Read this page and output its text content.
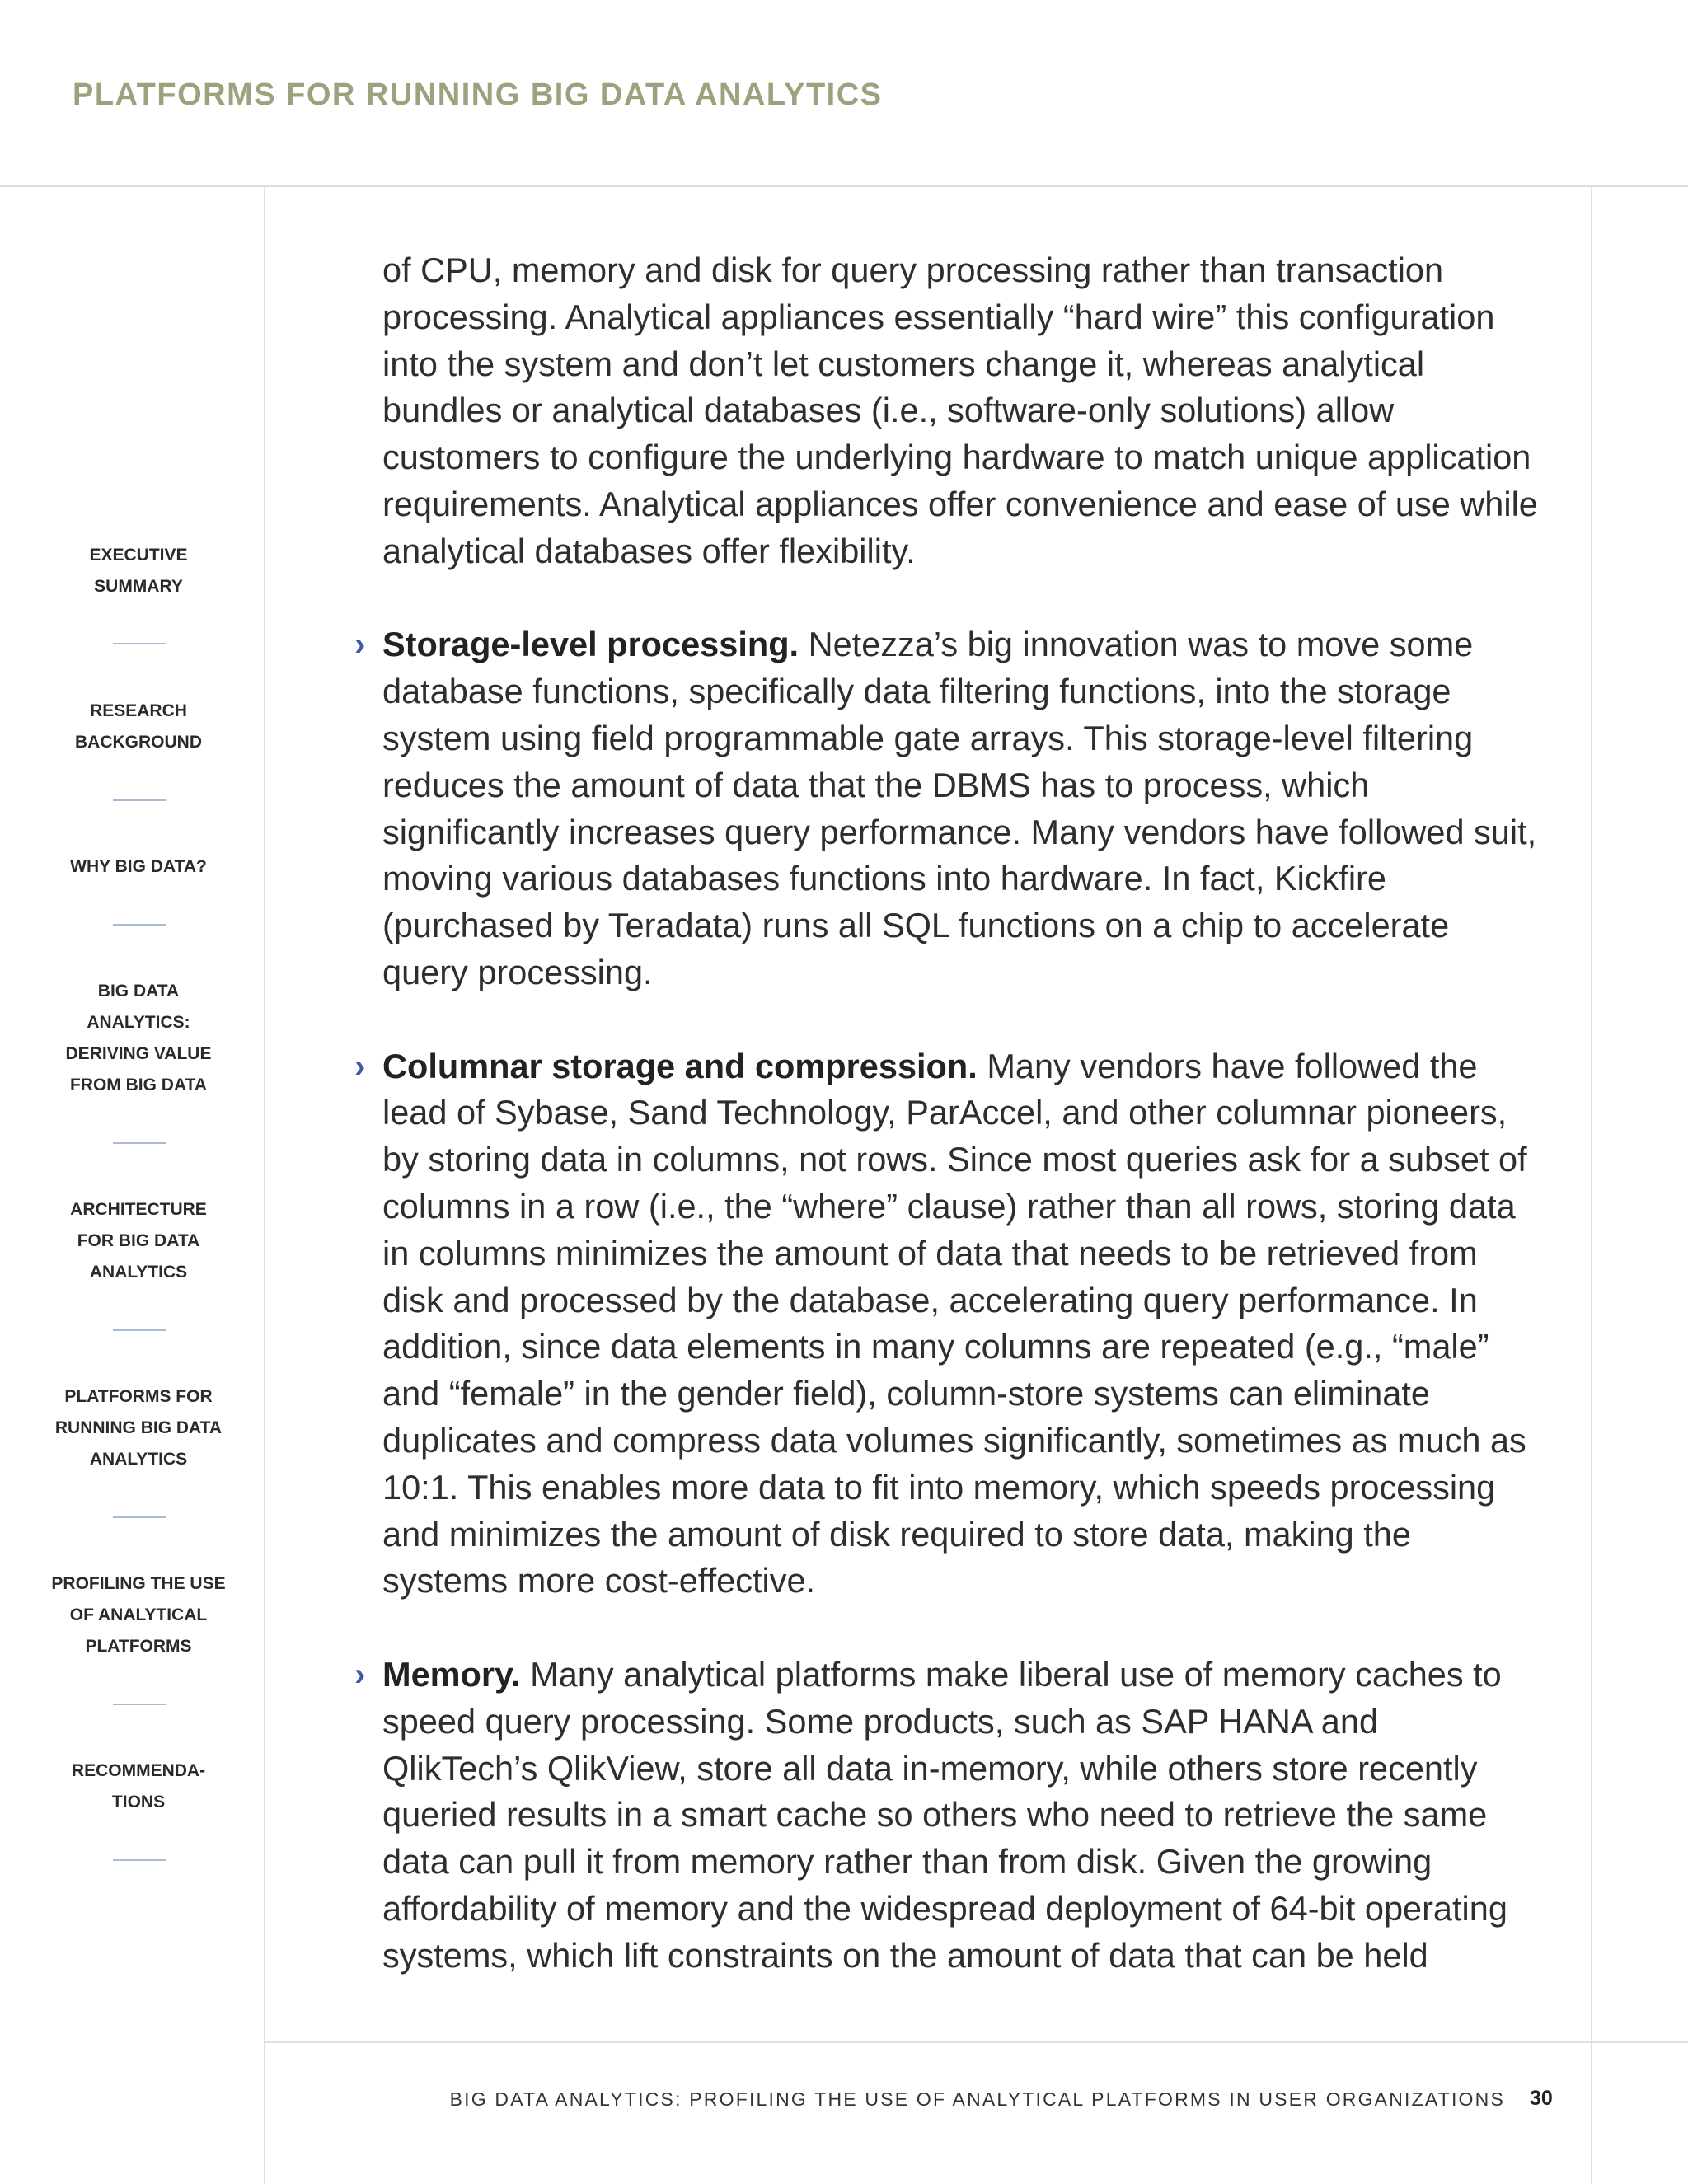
PLATFORMS FOR RUNNING BIG DATA ANALYTICS
EXECUTIVE
SUMMARY
RESEARCH
BACKGROUND
WHY BIG DATA?
BIG DATA
ANALYTICS:
DERIVING VALUE
FROM BIG DATA
ARCHITECTURE
FOR BIG DATA
ANALYTICS
PLATFORMS FOR
RUNNING BIG DATA
ANALYTICS
PROFILING THE USE
OF ANALYTICAL
PLATFORMS
RECOMMENDA-
TIONS

of CPU, memory and disk for query processing rather than transaction processing. Analytical appliances essentially “hard wire” this configuration into the system and don’t let customers change it, whereas analytical bundles or analytical databases (i.e., software-only solutions) allow customers to configure the underlying hardware to match unique application requirements. Analytical appliances offer convenience and ease of use while analytical databases offer flexibility.

› Storage-level processing. Netezza’s big innovation was to move some database functions, specifically data filtering functions, into the storage system using field programmable gate arrays. This storage-level filtering reduces the amount of data that the DBMS has to process, which significantly increases query performance. Many vendors have followed suit, moving various databases functions into hardware. In fact, Kickfire (purchased by Teradata) runs all SQL functions on a chip to accelerate query processing.

› Columnar storage and compression. Many vendors have followed the lead of Sybase, Sand Technology, ParAccel, and other columnar pioneers, by storing data in columns, not rows. Since most queries ask for a subset of columns in a row (i.e., the “where” clause) rather than all rows, storing data in columns minimizes the amount of data that needs to be retrieved from disk and processed by the database, accelerating query performance. In addition, since data elements in many columns are repeated (e.g., “male” and “female” in the gender field), column-store systems can eliminate duplicates and compress data volumes significantly, sometimes as much as 10:1. This enables more data to fit into memory, which speeds processing and minimizes the amount of disk required to store data, making the systems more cost-effective.

› Memory. Many analytical platforms make liberal use of memory caches to speed query processing. Some products, such as SAP HANA and QlikTech’s QlikView, store all data in-memory, while others store recently queried results in a smart cache so others who need to retrieve the same data can pull it from memory rather than from disk. Given the growing affordability of memory and the widespread deployment of 64-bit operating systems, which lift constraints on the amount of data that can be held

BIG DATA ANALYTICS: PROFILING THE USE OF ANALYTICAL PLATFORMS IN USER ORGANIZATIONS 30
